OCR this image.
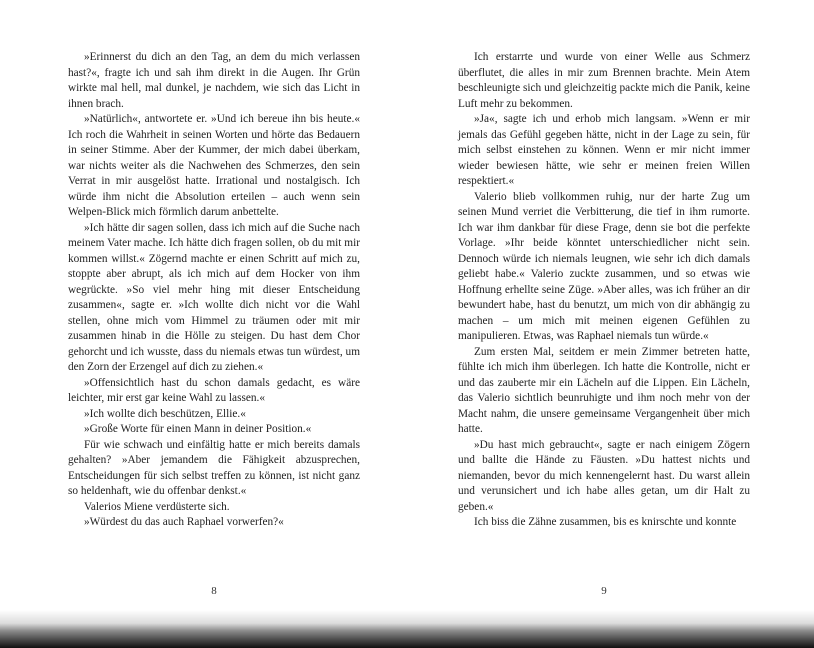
»Erinnerst du dich an den Tag, an dem du mich verlassen hast?«, fragte ich und sah ihm direkt in die Augen. Ihr Grün wirkte mal hell, mal dunkel, je nachdem, wie sich das Licht in ihnen brach.

»Natürlich«, antwortete er. »Und ich bereue ihn bis heute.« Ich roch die Wahrheit in seinen Worten und hörte das Bedauern in seiner Stimme. Aber der Kummer, der mich dabei überkam, war nichts weiter als die Nachwehen des Schmerzes, den sein Verrat in mir ausgelöst hatte. Irrational und nostalgisch. Ich würde ihm nicht die Absolution erteilen – auch wenn sein Welpen-Blick mich förmlich darum anbettelte.

»Ich hätte dir sagen sollen, dass ich mich auf die Suche nach meinem Vater mache. Ich hätte dich fragen sollen, ob du mit mir kommen willst.« Zögernd machte er einen Schritt auf mich zu, stoppte aber abrupt, als ich mich auf dem Hocker von ihm wegrückte. »So viel mehr hing mit dieser Entscheidung zusammen«, sagte er. »Ich wollte dich nicht vor die Wahl stellen, ohne mich vom Himmel zu träumen oder mit mir zusammen hinab in die Hölle zu steigen. Du hast dem Chor gehorcht und ich wusste, dass du niemals etwas tun würdest, um den Zorn der Erzengel auf dich zu ziehen.«

»Offensichtlich hast du schon damals gedacht, es wäre leichter, mir erst gar keine Wahl zu lassen.«

»Ich wollte dich beschützen, Ellie.«

»Große Worte für einen Mann in deiner Position.«

Für wie schwach und einfältig hatte er mich bereits damals gehalten? »Aber jemandem die Fähigkeit abzusprechen, Entscheidungen für sich selbst treffen zu können, ist nicht ganz so heldenhaft, wie du offenbar denkst.«

Valerios Miene verdüsterte sich.

»Würdest du das auch Raphael vorwerfen?«

Ich erstarrte und wurde von einer Welle aus Schmerz überflutet, die alles in mir zum Brennen brachte. Mein Atem beschleunigte sich und gleichzeitig packte mich die Panik, keine Luft mehr zu bekommen.

»Ja«, sagte ich und erhob mich langsam. »Wenn er mir jemals das Gefühl gegeben hätte, nicht in der Lage zu sein, für mich selbst einstehen zu können. Wenn er mir nicht immer wieder bewiesen hätte, wie sehr er meinen freien Willen respektiert.«

Valerio blieb vollkommen ruhig, nur der harte Zug um seinen Mund verriet die Verbitterung, die tief in ihm rumorte. Ich war ihm dankbar für diese Frage, denn sie bot die perfekte Vorlage. »Ihr beide könntet unterschiedlicher nicht sein. Dennoch würde ich niemals leugnen, wie sehr ich dich damals geliebt habe.« Valerio zuckte zusammen, und so etwas wie Hoffnung erhellte seine Züge. »Aber alles, was ich früher an dir bewundert habe, hast du benutzt, um mich von dir abhängig zu machen – um mich mit meinen eigenen Gefühlen zu manipulieren. Etwas, was Raphael niemals tun würde.«

Zum ersten Mal, seitdem er mein Zimmer betreten hatte, fühlte ich mich ihm überlegen. Ich hatte die Kontrolle, nicht er und das zauberte mir ein Lächeln auf die Lippen. Ein Lächeln, das Valerio sichtlich beunruhigte und ihm noch mehr von der Macht nahm, die unsere gemeinsame Vergangenheit über mich hatte.

»Du hast mich gebraucht«, sagte er nach einigem Zögern und ballte die Hände zu Fäusten. »Du hattest nichts und niemanden, bevor du mich kennengelernt hast. Du warst allein und verunsichert und ich habe alles getan, um dir Halt zu geben.«

Ich biss die Zähne zusammen, bis es knirschte und konnte

8	9
